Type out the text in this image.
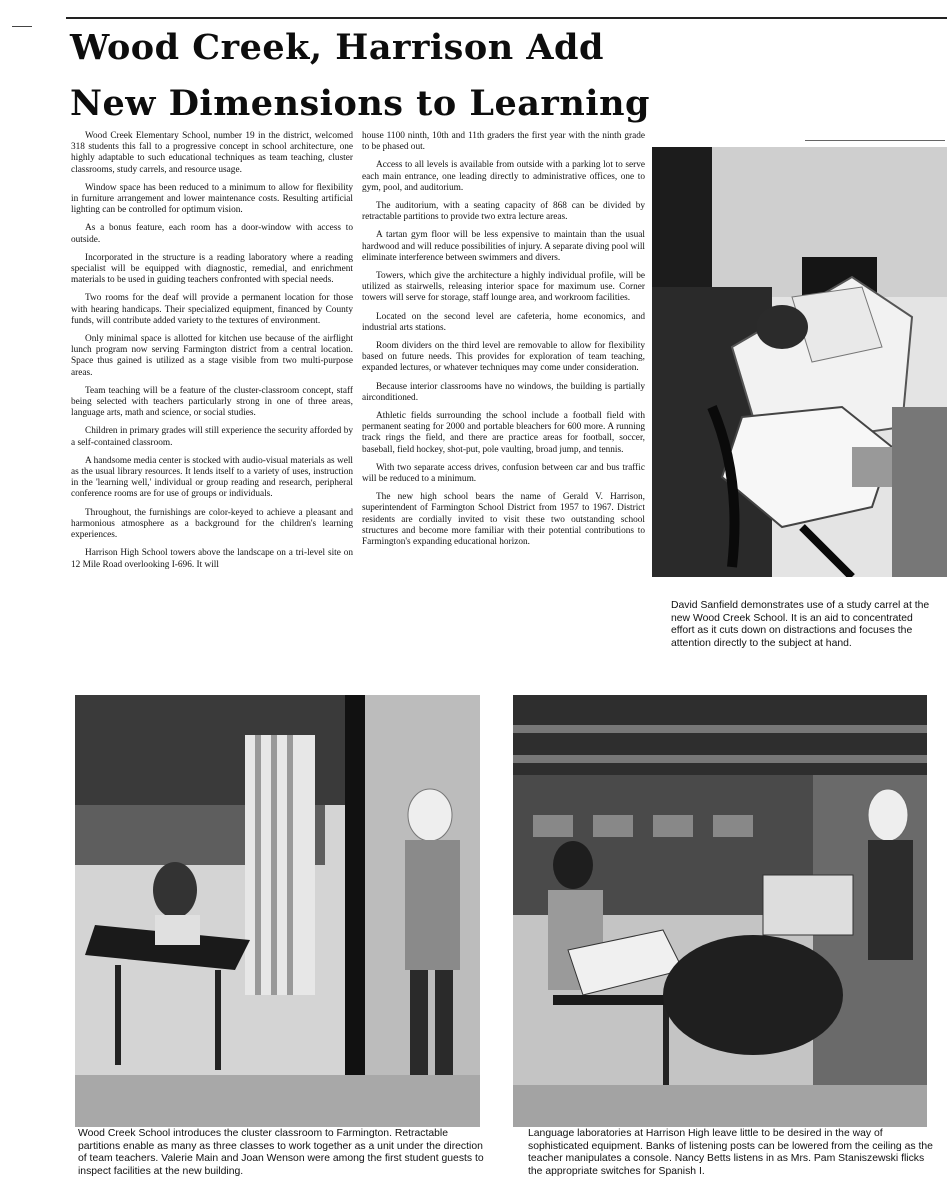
Wood Creek, Harrison Add
New Dimensions to Learning

Wood Creek Elementary School, number 19 in the district, welcomed 318 students this fall to a progressive concept in school architecture, one highly adaptable to such educational techniques as team teaching, cluster classrooms, study carrels, and resource usage.

Window space has been reduced to a minimum to allow for flexibility in furniture arrangement and lower maintenance costs. Resulting artificial lighting can be controlled for optimum vision.

As a bonus feature, each room has a door-window with access to outside.

Incorporated in the structure is a reading laboratory where a reading specialist will be equipped with diagnostic, remedial, and enrichment materials to be used in guiding teachers confronted with special needs.

Two rooms for the deaf will provide a permanent location for those with hearing handicaps. Their specialized equipment, financed by County funds, will contribute added variety to the textures of environment.

Only minimal space is allotted for kitchen use because of the airflight lunch program now serving Farmington district from a central location. Space thus gained is utilized as a stage visible from two multi-purpose areas.

Team teaching will be a feature of the cluster-classroom concept, staff being selected with teachers particularly strong in one of three areas, language arts, math and science, or social studies.

Children in primary grades will still experience the security afforded by a self-contained classroom.

A handsome media center is stocked with audio-visual materials as well as the usual library resources. It lends itself to a variety of uses, instruction in the 'learning well,' individual or group reading and research, peripheral conference rooms are for use of groups or individuals.

Throughout, the furnishings are color-keyed to achieve a pleasant and harmonious atmosphere as a background for the children's learning experiences.

Harrison High School towers above the landscape on a tri-level site on 12 Mile Road overlooking I-696. It will

house 1100 ninth, 10th and 11th graders the first year with the ninth grade to be phased out.

Access to all levels is available from outside with a parking lot to serve each main entrance, one leading directly to administrative offices, one to gym, pool, and auditorium.

The auditorium, with a seating capacity of 868 can be divided by retractable partitions to provide two extra lecture areas.

A tartan gym floor will be less expensive to maintain than the usual hardwood and will reduce possibilities of injury. A separate diving pool will eliminate interference between swimmers and divers.

Towers, which give the architecture a highly individual profile, will be utilized as stairwells, releasing interior space for maximum use. Corner towers will serve for storage, staff lounge area, and workroom facilities.

Located on the second level are cafeteria, home economics, and industrial arts stations.

Room dividers on the third level are removable to allow for flexibility based on future needs. This provides for exploration of team teaching, expanded lectures, or whatever techniques may come under consideration.

Because interior classrooms have no windows, the building is partially airconditioned.

Athletic fields surrounding the school include a football field with permanent seating for 2000 and portable bleachers for 600 more. A running track rings the field, and there are practice areas for football, soccer, baseball, field hockey, shot-put, pole vaulting, broad jump, and tennis.

With two separate access drives, confusion between car and bus traffic will be reduced to a minimum.

The new high school bears the name of Gerald V. Harrison, superintendent of Farmington School District from 1957 to 1967. District residents are cordially invited to visit these two outstanding school structures and become more familiar with their potential contributions to Farmington's expanding educational horizon.

David Sanfield demonstrates use of a study carrel at the new Wood Creek School. It is an aid to concentrated effort as it cuts down on distractions and focuses the attention directly to the subject at hand.
Wood Creek School introduces the cluster classroom to Farmington. Retractable partitions enable as many as three classes to work together as a unit under the direction of team teachers. Valerie Main and Joan Wenson were among the first student guests to inspect facilities at the new building.
Language laboratories at Harrison High leave little to be desired in the way of sophisticated equipment. Banks of listening posts can be lowered from the ceiling as the teacher manipulates a console. Nancy Betts listens in as Mrs. Pam Staniszewski flicks the appropriate switches for Spanish I.
